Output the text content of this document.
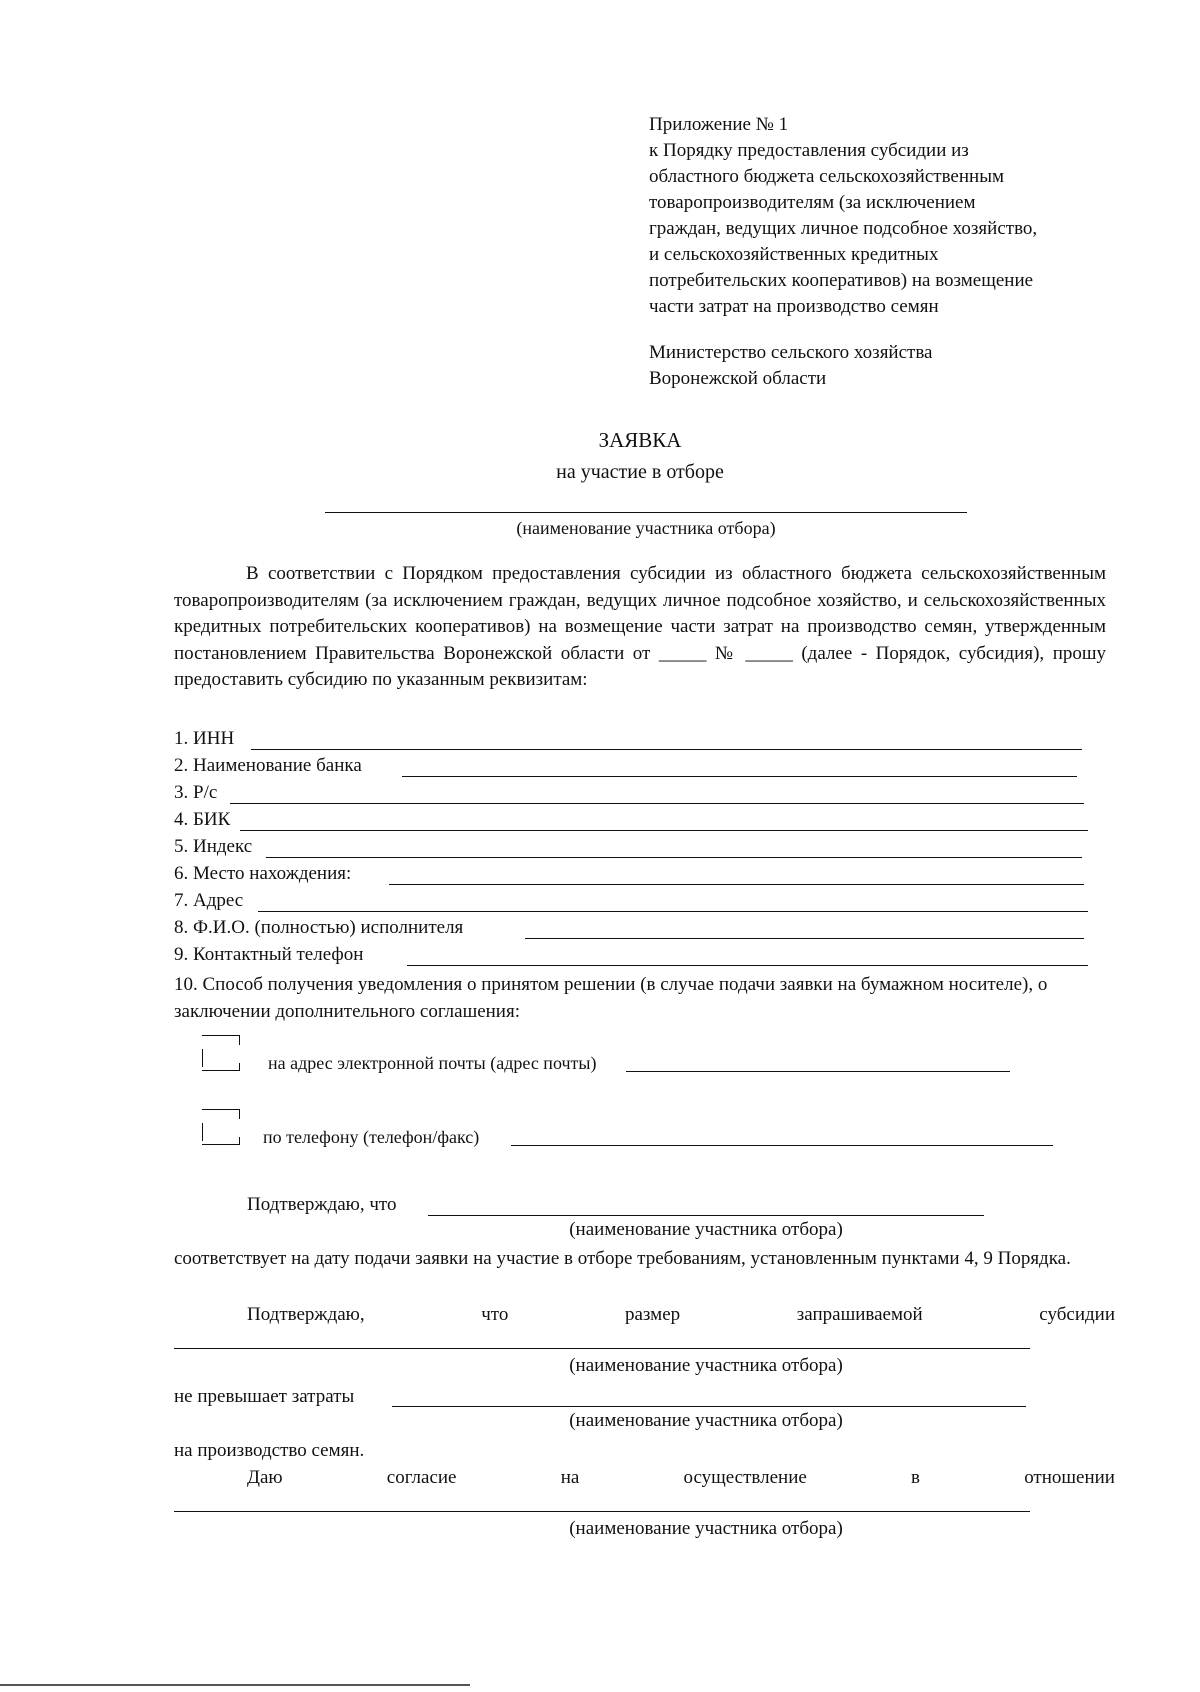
Приложение № 1
к Порядку предоставления субсидии из
областного бюджета сельскохозяйственным
товаропроизводителям (за исключением
граждан, ведущих личное подсобное хозяйство,
и сельскохозяйственных кредитных
потребительских кооперативов) на возмещение
части затрат на производство семян
Министерство сельского хозяйства
Воронежской области
ЗАЯВКА
на участие в отборе
(наименование участника отбора)
В соответствии с Порядком предоставления субсидии из областного бюджета сельскохозяйственным товаропроизводителям (за исключением граждан, ведущих личное подсобное хозяйство, и сельскохозяйственных кредитных потребительских кооперативов) на возмещение части затрат на производство семян, утвержденным постановлением Правительства Воронежской области от _____ № _____ (далее - Порядок, субсидия), прошу предоставить субсидию по указанным реквизитам:
1. ИНН
2. Наименование банка
3. Р/с
4. БИК
5. Индекс
6. Место нахождения:
7. Адрес
8. Ф.И.О. (полностью) исполнителя
9. Контактный телефон
10. Способ получения уведомления о принятом решении (в случае подачи заявки на бумажном носителе), о заключении дополнительного соглашения:
на адрес электронной почты (адрес почты)
по телефону (телефон/факс)
Подтверждаю, что
(наименование участника отбора)
соответствует на дату подачи заявки на участие в отборе требованиям, установленным пунктами 4, 9 Порядка.
Подтверждаю,	что	размер	запрашиваемой	субсидии
(наименование участника отбора)
не превышает затраты
(наименование участника отбора)
на производство семян.
Даю	согласие	на	осуществление	в	отношении
(наименование участника отбора)
